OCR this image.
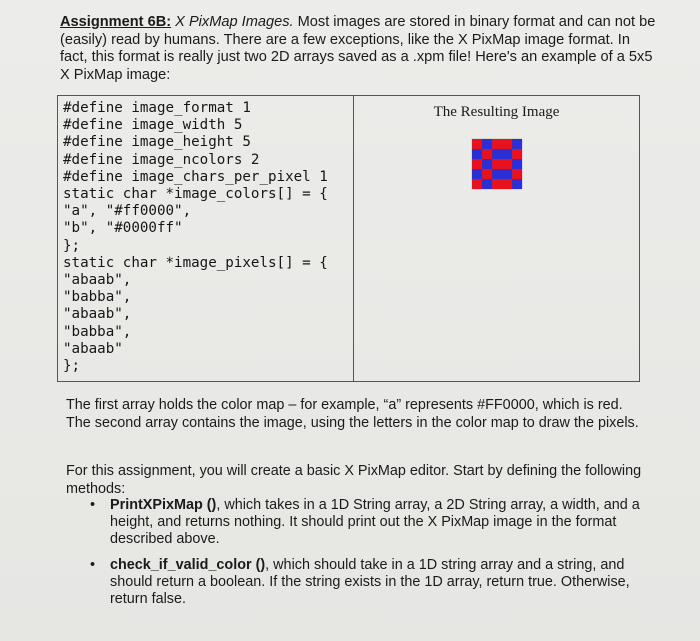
Assignment 6B: X PixMap Images. Most images are stored in binary format and can not be (easily) read by humans. There are a few exceptions, like the X PixMap image format. In fact, this format is really just two 2D arrays saved as a .xpm file! Here's an example of a 5x5 X PixMap image:
#define image_format 1
#define image_width 5
#define image_height 5
#define image_ncolors 2
#define image_chars_per_pixel 1
static char *image_colors[] = {
"a", "#ff0000",
"b", "#0000ff"
};
static char *image_pixels[] = {
"abaab",
"babba",
"abaab",
"babba",
"abaab"
};

The Resulting Image
The first array holds the color map – for example, “a” represents #FF0000, which is red. The second array contains the image, using the letters in the color map to draw the pixels.
For this assignment, you will create a basic X PixMap editor. Start by defining the following methods:
• PrintXPixMap (), which takes in a 1D String array, a 2D String array, a width, and a height, and returns nothing. It should print out the X PixMap image in the format described above.
• check_if_valid_color (), which should take in a 1D string array and a string, and should return a boolean. If the string exists in the 1D array, return true. Otherwise, return false.
